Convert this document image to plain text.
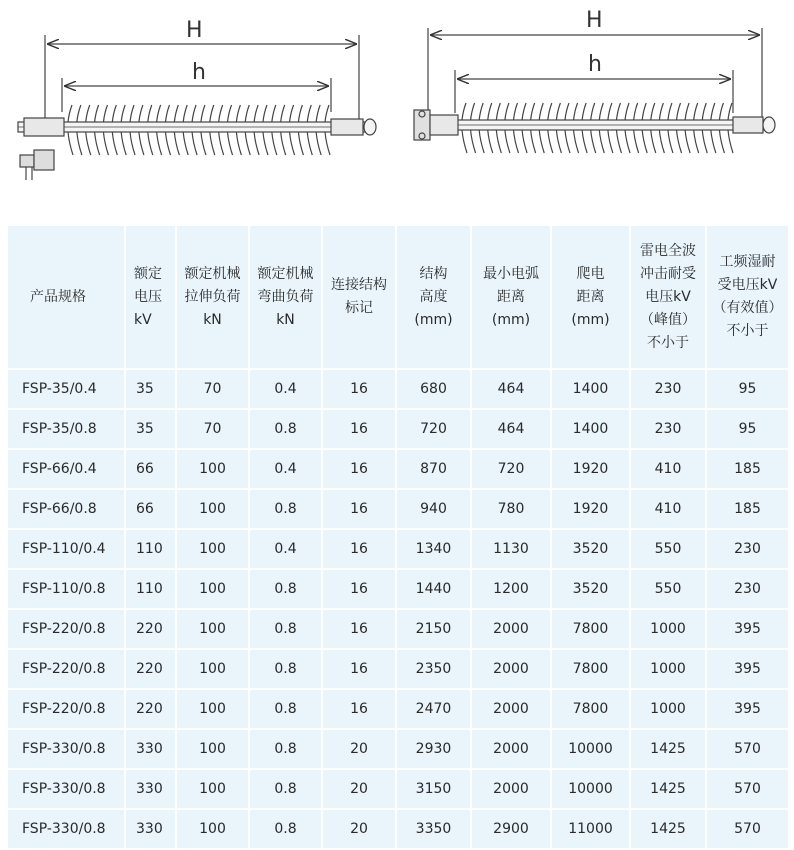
H
h
H
h
产品规格	额定
电压
kV	额定机械
拉伸负荷
kN	额定机械
弯曲负荷
kN	连接结构
标记	结构
高度
(mm)	最小电弧
距离
(mm)	爬电
距离
(mm)	雷电全波
冲击耐受
电压kV
（峰值）
不小于	工频湿耐
受电压kV
（有效值）
不小于

FSP-35/0.4	35	70	0.4	16	680	464	1400	230	95
FSP-35/0.8	35	70	0.8	16	720	464	1400	230	95
FSP-66/0.4	66	100	0.4	16	870	720	1920	410	185
FSP-66/0.8	66	100	0.8	16	940	780	1920	410	185
FSP-110/0.4	110	100	0.4	16	1340	1130	3520	550	230
FSP-110/0.8	110	100	0.8	16	1440	1200	3520	550	230
FSP-220/0.8	220	100	0.8	16	2150	2000	7800	1000	395
FSP-220/0.8	220	100	0.8	16	2350	2000	7800	1000	395
FSP-220/0.8	220	100	0.8	16	2470	2000	7800	1000	395
FSP-330/0.8	330	100	0.8	20	2930	2000	10000	1425	570
FSP-330/0.8	330	100	0.8	20	3150	2000	10000	1425	570
FSP-330/0.8	330	100	0.8	20	3350	2900	11000	1425	570
